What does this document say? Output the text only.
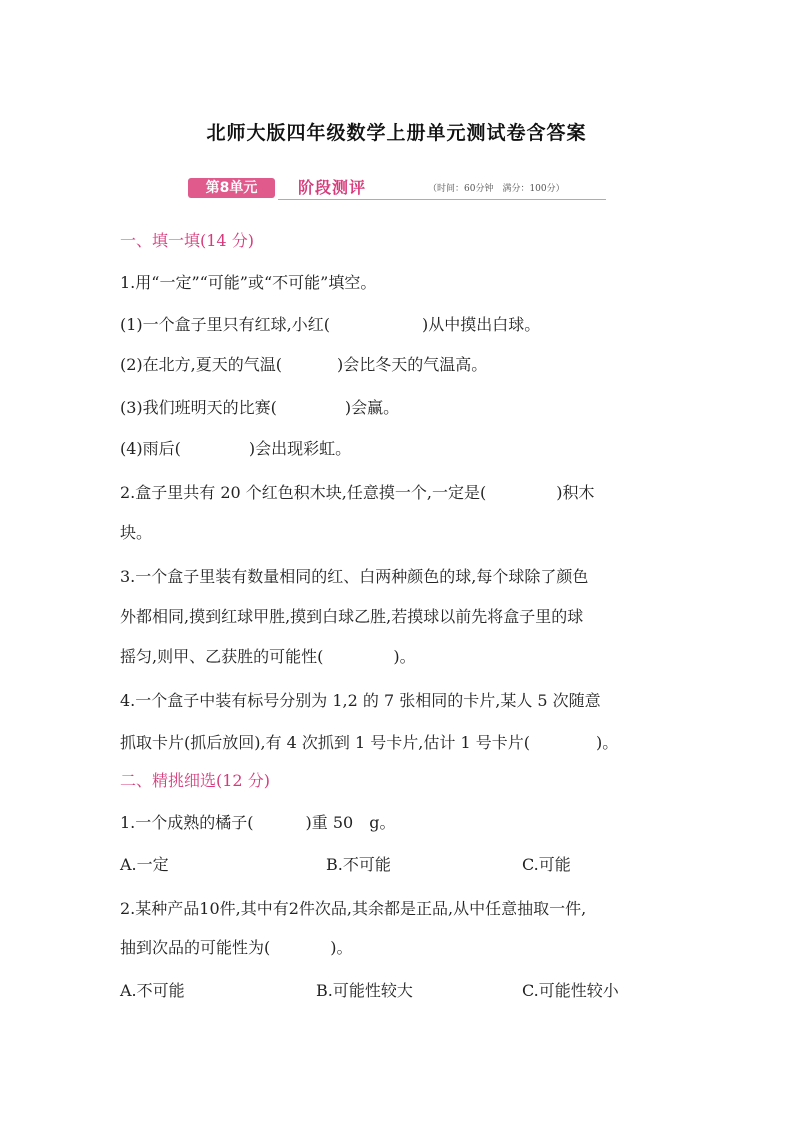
北师大版四年级数学上册单元测试卷含答案
第8单元	阶段测评	（时间：60分钟　满分：100分）
一、填一填(14 分)
1.用“一定”“可能”或“不可能”填空。
(1)一个盒子里只有红球,小红(	)从中摸出白球。
(2)在北方,夏天的气温(	)会比冬天的气温高。
(3)我们班明天的比赛(	)会赢。
(4)雨后(	)会出现彩虹。
2.盒子里共有 20 个红色积木块,任意摸一个,一定是(	)积木
块。
3.一个盒子里装有数量相同的红、白两种颜色的球,每个球除了颜色
外都相同,摸到红球甲胜,摸到白球乙胜,若摸球以前先将盒子里的球
摇匀,则甲、乙获胜的可能性(	)。
4.一个盒子中装有标号分别为 1,2 的 7 张相同的卡片,某人 5 次随意
抓取卡片(抓后放回),有 4 次抓到 1 号卡片,估计 1 号卡片(	)。
二、精挑细选(12 分)
1.一个成熟的橘子(	)重 50　g。
A.一定	B.不可能	C.可能
2.某种产品10件,其中有2件次品,其余都是正品,从中任意抽取一件,
抽到次品的可能性为(	)。
A.不可能	B.可能性较大	C.可能性较小
